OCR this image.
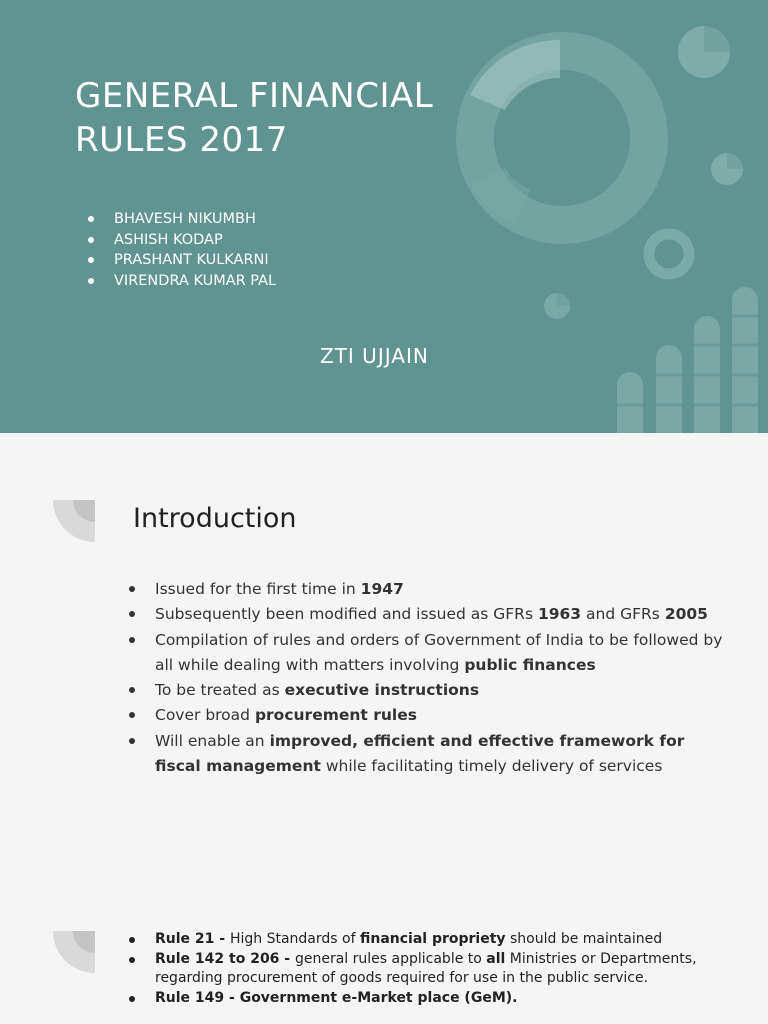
GENERAL FINANCIAL
RULES 2017
BHAVESH NIKUMBH
ASHISH KODAP
PRASHANT KULKARNI
VIRENDRA KUMAR PAL
ZTI UJJAIN
Introduction
Issued for the first time in 1947
Subsequently been modified and issued as GFRs 1963 and GFRs 2005
Compilation of rules and orders of Government of India to be followed by all while dealing with matters involving public finances
To be treated as executive instructions
Cover broad procurement rules
Will enable an improved, efficient and effective framework for fiscal management while facilitating timely delivery of services
Rule 21 - High Standards of financial propriety should be maintained
Rule 142 to 206 - general rules applicable to all Ministries or Departments, regarding procurement of goods required for use in the public service.
Rule 149 - Government e-Market place (GeM).
